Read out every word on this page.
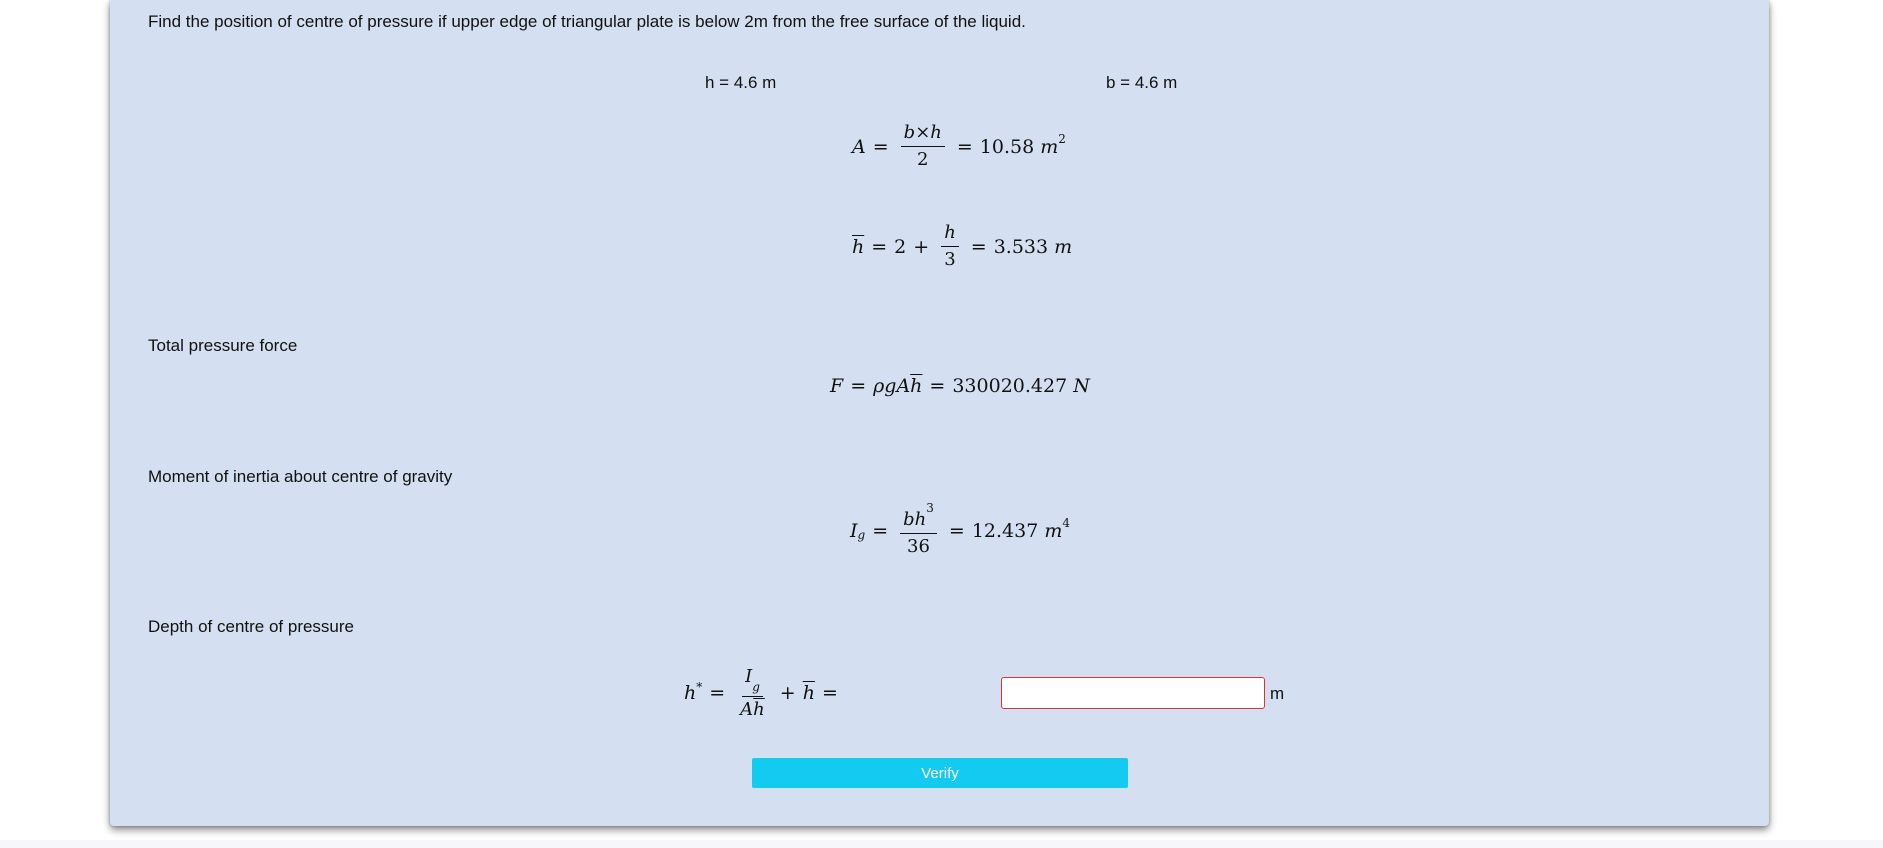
Find the position of centre of pressure if upper edge of triangular plate is below 2m from the free surface of the liquid.
h = 4.6 m	b = 4.6 m
$A = \frac{b\times h}{2} = 10.58$
$m^2$
$\overline{h} = 2 + \frac{h}{3} = 3.533$
m
Total pressure force
F = ρgA $\overline{h} = 330020.427$
N
Moment of inertia about centre of gravity
$I_g = \frac{bh^3}{36} = 12.437$
$m^4$
Depth of centre of pressure
$h^* = \frac{I_g}{A\overline{h}} + \overline{h}$ =	m
Verify
